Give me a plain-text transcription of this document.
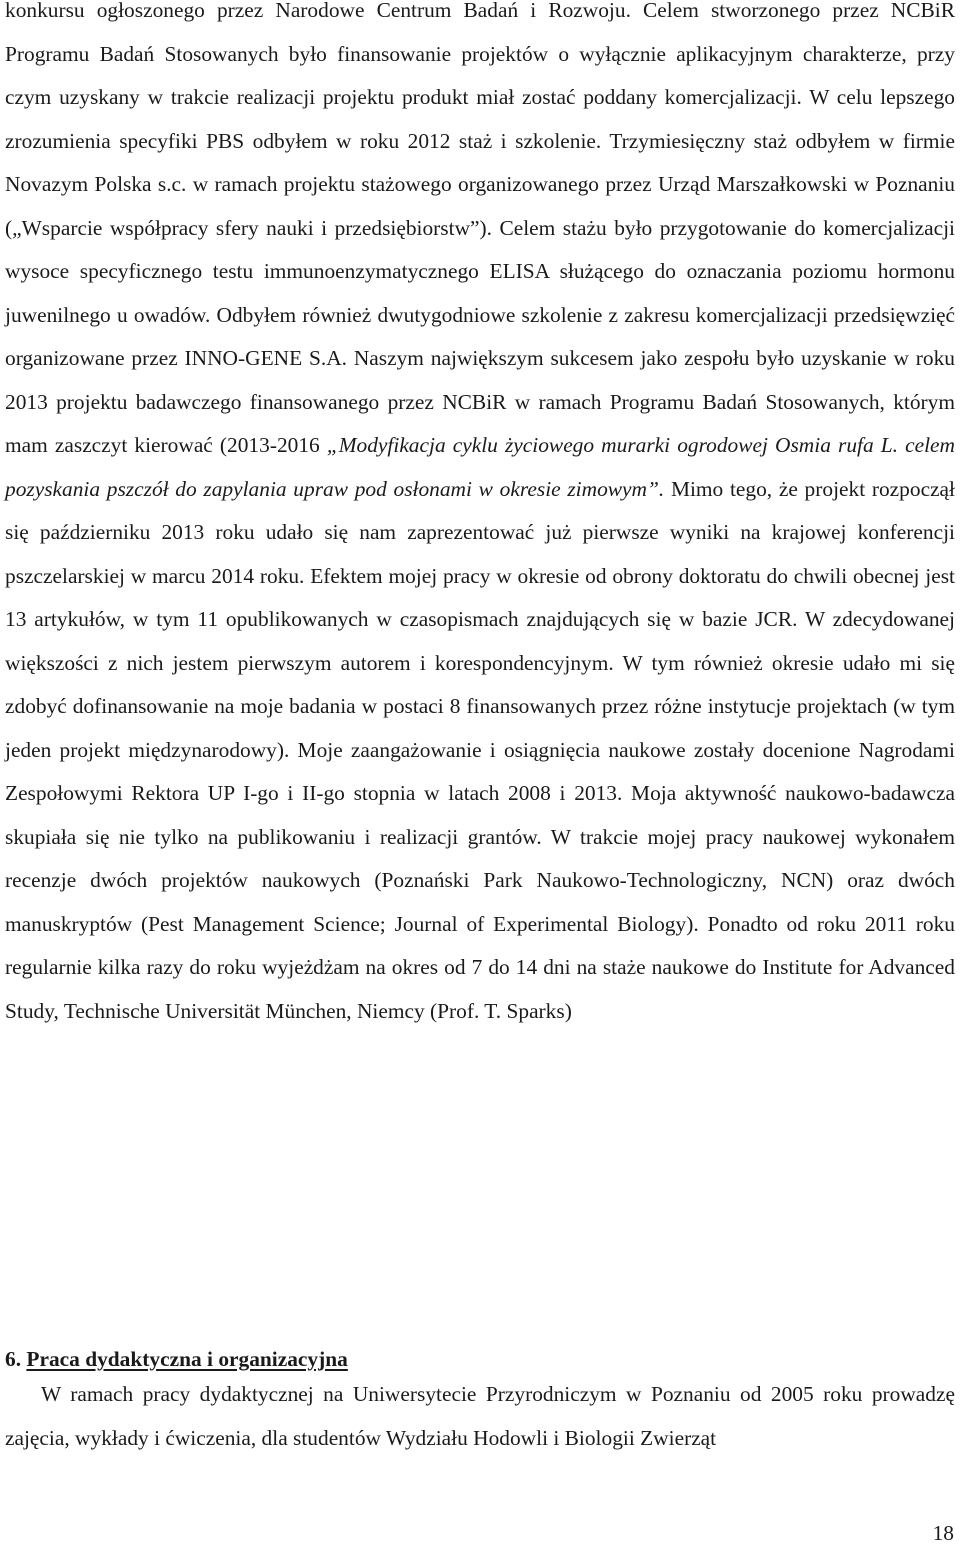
konkursu ogłoszonego przez Narodowe Centrum Badań i Rozwoju. Celem stworzonego przez NCBiR Programu Badań Stosowanych było finansowanie projektów o wyłącznie aplikacyjnym charakterze, przy czym uzyskany w trakcie realizacji projektu produkt miał zostać poddany komercjalizacji. W celu lepszego zrozumienia specyfiki PBS odbyłem w roku 2012 staż i szkolenie. Trzymiesięczny staż odbyłem w firmie Novazym Polska s.c. w ramach projektu stażowego organizowanego przez Urząd Marszałkowski w Poznaniu („Wsparcie współpracy sfery nauki i przedsiębiorstw”). Celem stażu było przygotowanie do komercjalizacji wysoce specyficznego testu immunoenzymatycznego ELISA służącego do oznaczania poziomu hormonu juwenilnego u owadów. Odbyłem również dwutygodniowe szkolenie z zakresu komercjalizacji przedsięwzięć organizowane przez INNO-GENE S.A. Naszym największym sukcesem jako zespołu było uzyskanie w roku 2013 projektu badawczego finansowanego przez NCBiR w ramach Programu Badań Stosowanych, którym mam zaszczyt kierować (2013-2016 „Modyfikacja cyklu życiowego murarki ogrodowej Osmia rufa L. celem pozyskania pszczół do zapylania upraw pod osłonami w okresie zimowym”. Mimo tego, że projekt rozpoczął się październiku 2013 roku udało się nam zaprezentować już pierwsze wyniki na krajowej konferencji pszczelarskiej w marcu 2014 roku. Efektem mojej pracy w okresie od obrony doktoratu do chwili obecnej jest 13 artykułów, w tym 11 opublikowanych w czasopismach znajdujących się w bazie JCR. W zdecydowanej większości z nich jestem pierwszym autorem i korespondencyjnym. W tym również okresie udało mi się zdobyć dofinansowanie na moje badania w postaci 8 finansowanych przez różne instytucje projektach (w tym jeden projekt międzynarodowy). Moje zaangażowanie i osiągnięcia naukowe zostały docenione Nagrodami Zespołowymi Rektora UP I-go i II-go stopnia w latach 2008 i 2013. Moja aktywność naukowo-badawcza skupiała się nie tylko na publikowaniu i realizacji grantów. W trakcie mojej pracy naukowej wykonałem recenzje dwóch projektów naukowych (Poznański Park Naukowo-Technologiczny, NCN) oraz dwóch manuskryptów (Pest Management Science; Journal of Experimental Biology). Ponadto od roku 2011 roku regularnie kilka razy do roku wyjeżdżam na okres od 7 do 14 dni na staże naukowe do Institute for Advanced Study, Technische Universität München, Niemcy (Prof. T. Sparks)

6. Praca dydaktyczna i organizacyjna

W ramach pracy dydaktycznej na Uniwersytecie Przyrodniczym w Poznaniu od 2005 roku prowadzę zajęcia, wykłady i ćwiczenia, dla studentów Wydziału Hodowli i Biologii Zwierząt

18
